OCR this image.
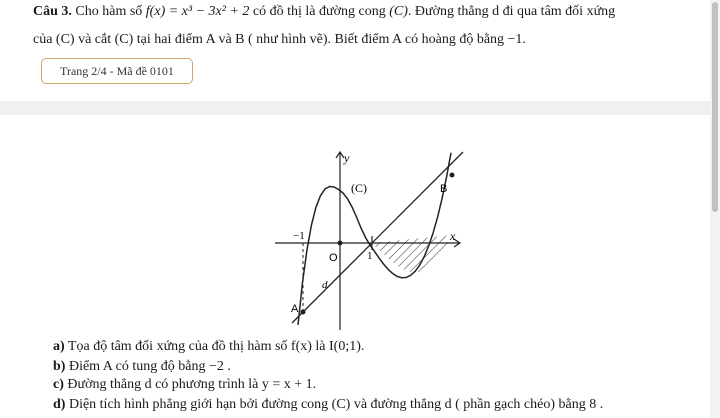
Câu 3. Cho hàm số f(x) = x³ − 3x² + 2 có đồ thị là đường cong (C). Đường thẳng d đi qua tâm đối xứng
của (C) và cắt (C) tại hai điểm A và B ( như hình vẽ). Biết điểm A có hoàng độ bằng −1.
Trang 2/4 - Mã đề 0101
y
x
(C)	B
A
d
O	1
−1
a) Tọa độ tâm đối xứng của đồ thị hàm số f(x) là I(0;1).
b) Điểm A có tung độ bằng −2 .
c) Đường thẳng d có phương trình là y = x + 1.
d) Diện tích hình phẳng giới hạn bởi đường cong (C) và đường thẳng d ( phần gạch chéo) bằng 8 .
